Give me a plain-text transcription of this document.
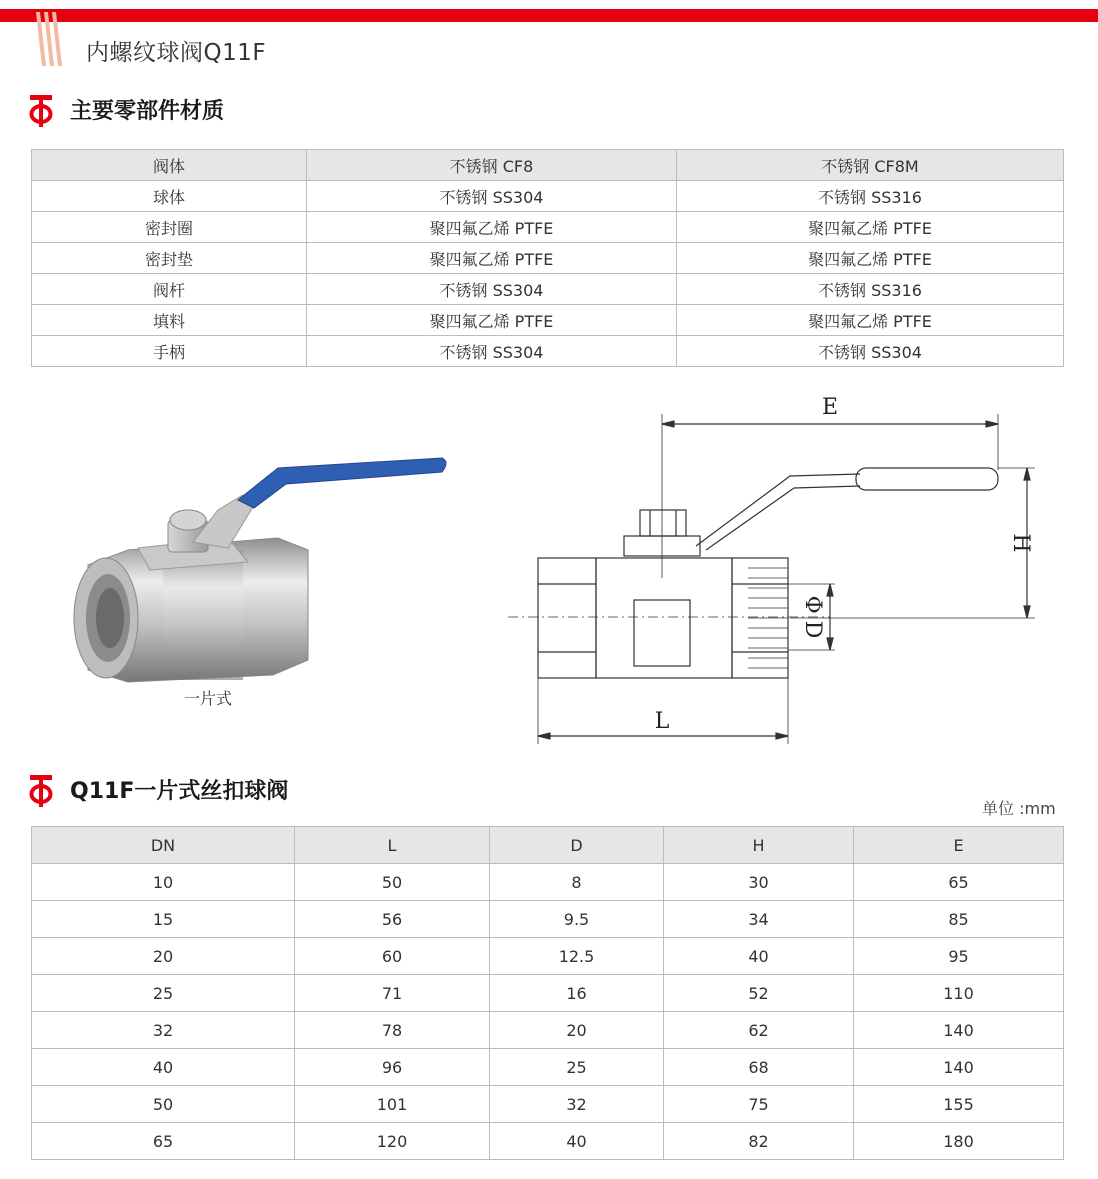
内螺纹球阀Q11F
主要零部件材质
阀体	不锈钢 CF8	不锈钢 CF8M
球体	不锈钢 SS304	不锈钢 SS316
密封圈	聚四氟乙烯 PTFE	聚四氟乙烯 PTFE
密封垫	聚四氟乙烯 PTFE	聚四氟乙烯 PTFE
阀杆	不锈钢 SS304	不锈钢 SS316
填料	聚四氟乙烯 PTFE	聚四氟乙烯 PTFE
手柄	不锈钢 SS304	不锈钢 SS304
一片式
E
H
Φ D
L
Q11F一片式丝扣球阀
单位 :mm
DN	L	D	H	E
10	50	8	30	65
15	56	9.5	34	85
20	60	12.5	40	95
25	71	16	52	110
32	78	20	62	140
40	96	25	68	140
50	101	32	75	155
65	120	40	82	180
